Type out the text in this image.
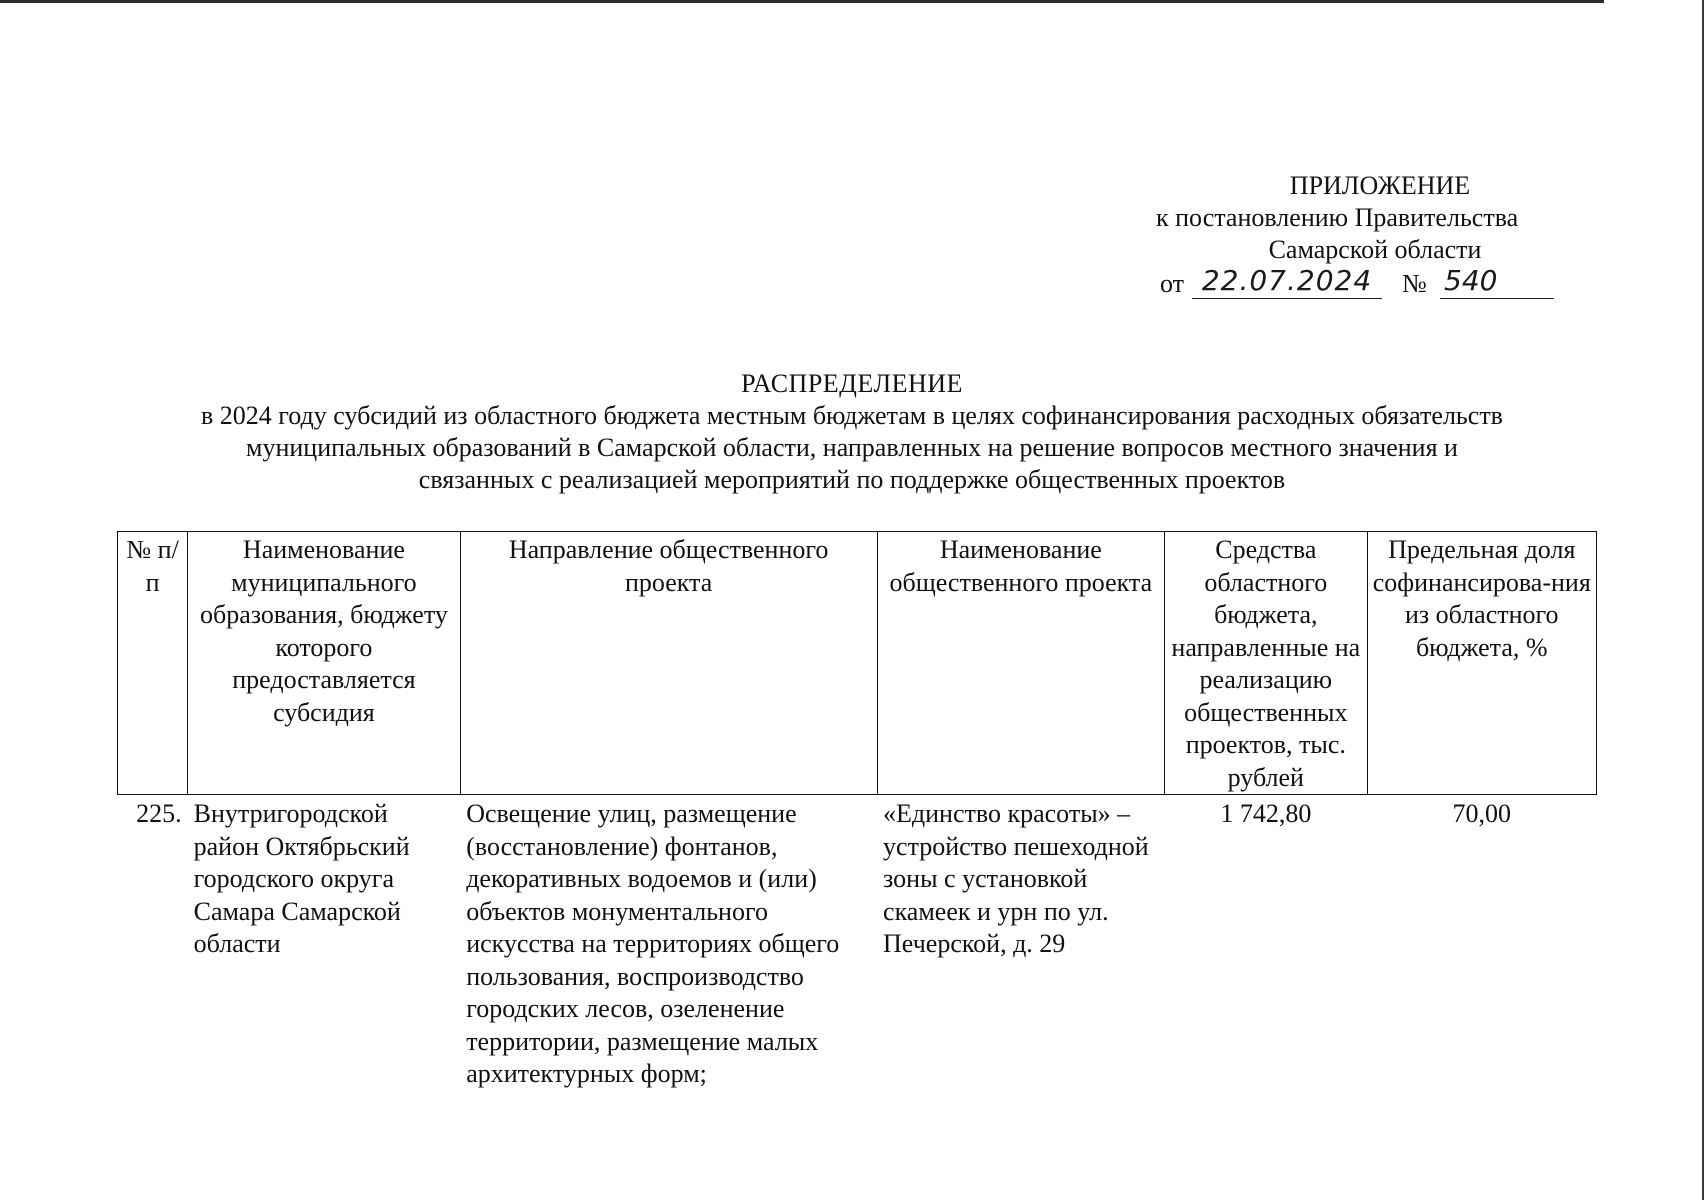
ПРИЛОЖЕНИЕ
к постановлению Правительства
Самарской области
от 22.07.2024	№ 540
РАСПРЕДЕЛЕНИЕ
в 2024 году субсидий из областного бюджета местным бюджетам в целях софинансирования расходных обязательств
муниципальных образований в Самарской области, направленных на решение вопросов местного значения и
связанных с реализацией мероприятий по поддержке общественных проектов
№ п/п	Наименование муниципального образования, бюджету которого предоставляется субсидия	Направление общественного проекта	Наименование общественного проекта	Средства областного бюджета, направленные на реализацию общественных проектов, тыс. рублей	Предельная доля софинансирова-ния из областного бюджета, %
225.	Внутригородской район Октябрьский городского округа Самара Самарской области	Освещение улиц, размещение (восстановление) фонтанов, декоративных водоемов и (или) объектов монументального искусства на территориях общего пользования, воспроизводство городских лесов, озеленение территории, размещение малых архитектурных форм;	«Единство красоты» – устройство пешеходной зоны с установкой скамеек и урн по ул. Печерской, д. 29	1 742,80	70,00
